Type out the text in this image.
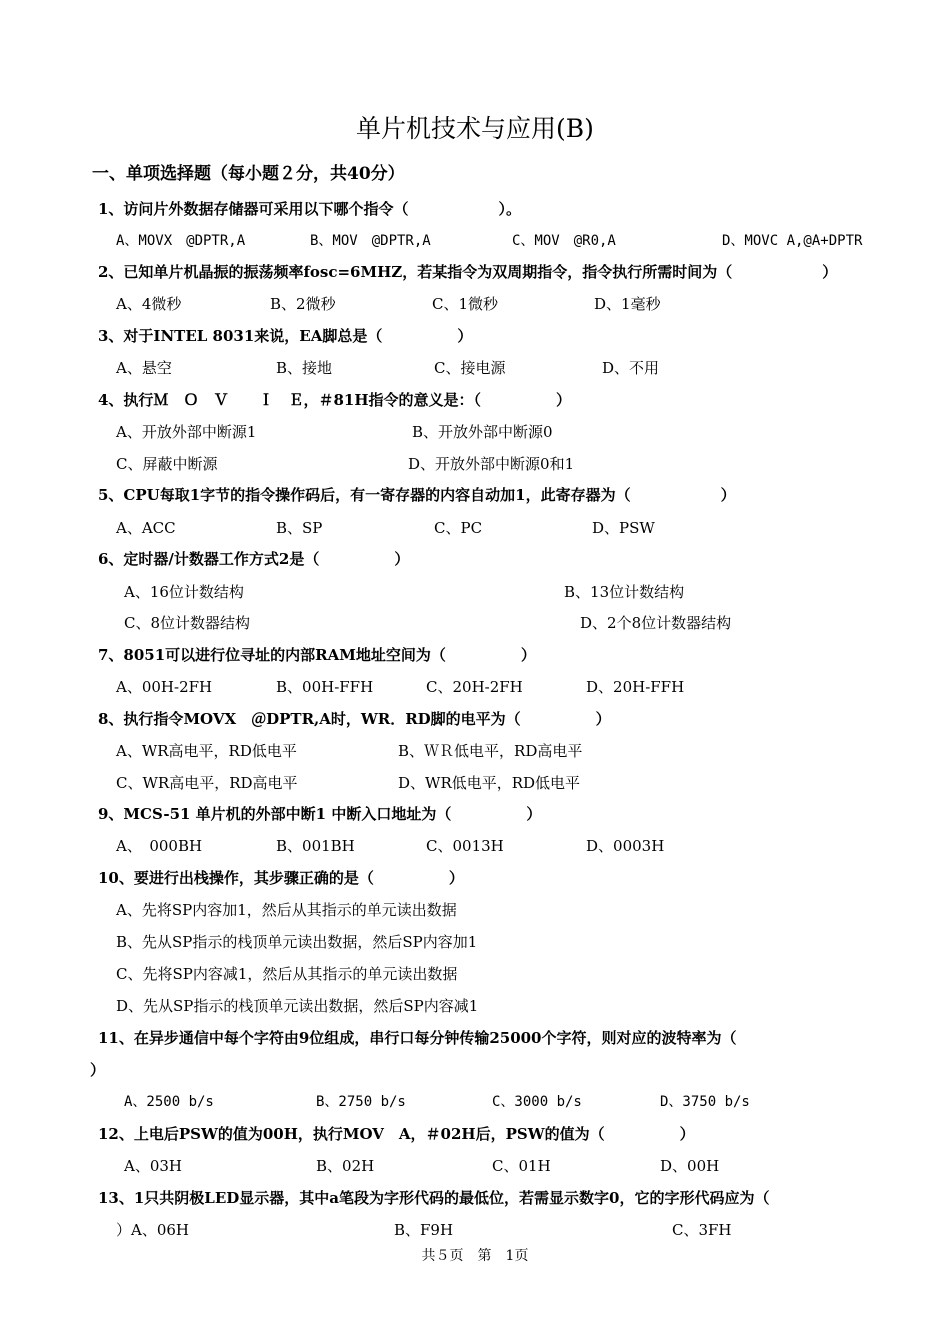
单片机技术与应用(B)
一、单项选择题（每小题２分，共40分）
1、访问片外数据存储器可采用以下哪个指令（　　　　　　）。
A、MOVX　@DPTR,A	B、MOV　@DPTR,A	C、MOV　@R0,A	D、MOVC A,@A+DPTR
2、已知单片机晶振的振荡频率fosc=6MHZ，若某指令为双周期指令，指令执行所需时间为（　　　　　　）
A、4微秒	B、2微秒	C、1微秒	D、1毫秒
3、对于INTEL 8031来说，EA脚总是（　　　　　）
A、悬空	B、接地	C、接电源	D、不用
4、执行Ｍ　Ｏ　Ｖ　　Ｉ　Ｅ，＃81H指令的意义是：（　　　　　）
A、开放外部中断源1	B、开放外部中断源0
C、屏蔽中断源	D、开放外部中断源0和1
5、CPU每取1字节的指令操作码后，有一寄存器的内容自动加1，此寄存器为（　　　　　　）
A、ACC	B、SP	C、PC	D、PSW
6、定时器/计数器工作方式2是（　　　　　）
A、16位计数结构	B、13位计数结构
C、8位计数器结构	D、2个8位计数器结构
7、8051可以进行位寻址的内部RAM地址空间为（　　　　　）
A、00H-2FH	B、00H-FFH	C、20H-2FH	D、20H-FFH
8、执行指令MOVX　＠DPTR,A时，WR．RD脚的电平为（　　　　　）
A、WR高电平，RD低电平	B、ＷＲ低电平，RD高电平
C、WR高电平，RD高电平	D、WR低电平，RD低电平
9、MCS-51 单片机的外部中断1 中断入口地址为（　　　　　）
A、　000BH	B、001BH	C、0013H	D、0003H
10、要进行出栈操作，其步骤正确的是（　　　　　）
A、先将SP内容加1，然后从其指示的单元读出数据
B、先从SP指示的栈顶单元读出数据，然后SP内容加1
C、先将SP内容减1，然后从其指示的单元读出数据
D、先从SP指示的栈顶单元读出数据，然后SP内容减1
11、在异步通信中每个字符由9位组成，串行口每分钟传输25000个字符，则对应的波特率为（
）
A、2500 b/s	B、2750 b/s	C、3000 b/s	D、3750 b/s
12、上电后PSW的值为00H，执行MOV　A，＃02H后，PSW的值为（　　　　　）
A、03H	B、02H	C、01H	D、00H
13、1只共阴极LED显示器，其中a笔段为字形代码的最低位，若需显示数字0，它的字形代码应为（
）A、06H	B、F9H	C、3FH
共５页　第　1页
